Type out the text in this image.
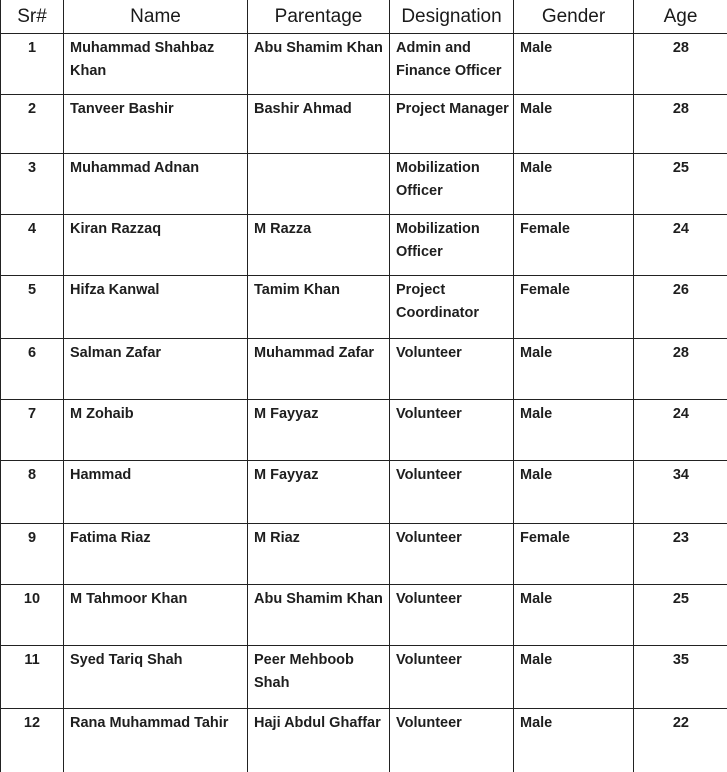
Sr#	Name	Parentage	Designation	Gender	Age
1	Muhammad Shahbaz Khan	Abu Shamim Khan	Admin and Finance Officer	Male	28
2	Tanveer Bashir	Bashir Ahmad	Project Manager	Male	28
3	Muhammad Adnan		Mobilization Officer	Male	25
4	Kiran Razzaq	M Razza	Mobilization Officer	Female	24
5	Hifza Kanwal	Tamim Khan	Project Coordinator	Female	26
6	Salman Zafar	Muhammad Zafar	Volunteer	Male	28
7	M Zohaib	M Fayyaz	Volunteer	Male	24
8	Hammad	M Fayyaz	Volunteer	Male	34
9	Fatima Riaz	M Riaz	Volunteer	Female	23
10	M Tahmoor Khan	Abu Shamim Khan	Volunteer	Male	25
11	Syed Tariq Shah	Peer Mehboob Shah	Volunteer	Male	35
12	Rana Muhammad Tahir	Haji Abdul Ghaffar	Volunteer	Male	22
